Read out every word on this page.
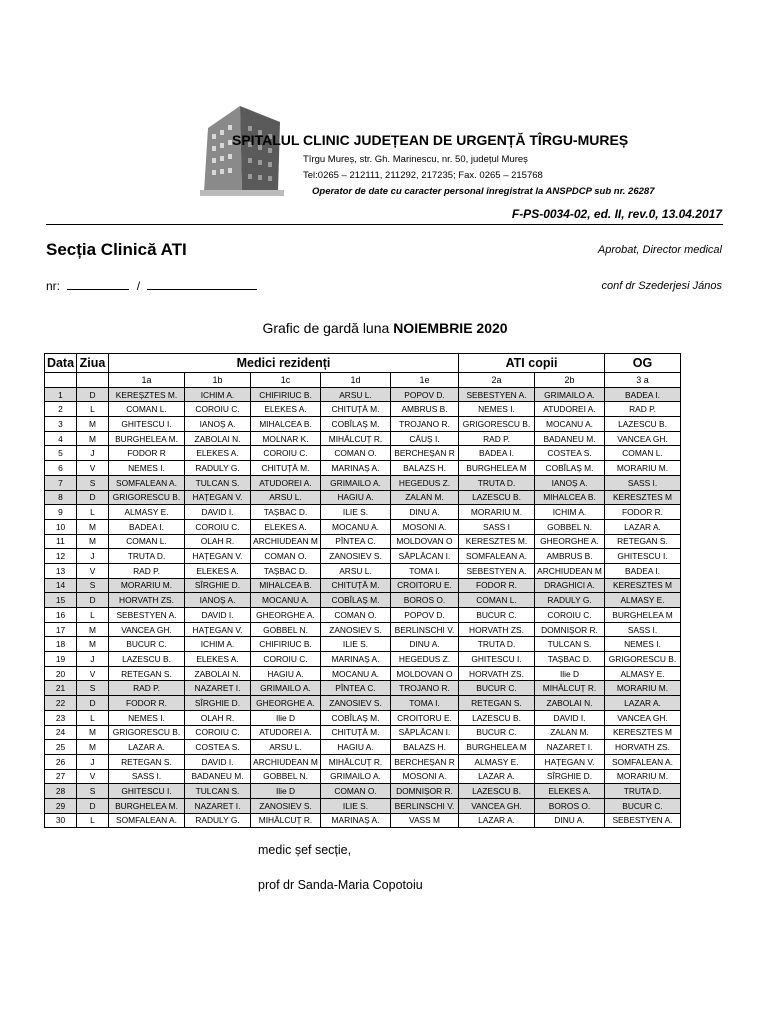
SPITALUL CLINIC JUDEȚEAN DE URGENȚĂ TÎRGU-MUREȘ
Tîrgu Mureș, str. Gh. Marinescu, nr. 50, județul Mureș
Tel:0265 – 212111, 211292, 217235; Fax. 0265 – 215768
Operator de date cu caracter personal înregistrat la ANSPDCP sub nr. 26287
F-PS-0034-02, ed. II, rev.0, 13.04.2017
Secția Clinică ATI	Aprobat, Director medical
nr:	/	conf dr Szederjesi János
Grafic de gardă luna NOIEMBRIE 2020
Data	Ziua	Medici rezidenți					ATI copii		OG
		1a	1b	1c	1d	1e	2a	2b	3 a
1	D	KEREȘZTES M.	ICHIM A.	CHIFIRIUC B.	ARSU L.	POPOV D.	SEBESTYEN A.	GRIMAILO A.	BADEA I.
2	L	COMAN L.	COROIU C.	ELEKES A.	CHITUȚĂ M.	AMBRUS B.	NEMES I.	ATUDOREI A.	RAD P.
3	M	GHITESCU I.	IANOȘ A.	MIHALCEA B.	COBÎLAȘ M.	TROJANO R.	GRIGORESCU B.	MOCANU A.	LAZESCU B.
4	M	BURGHELEA M.	ZABOLAI N.	MOLNAR K.	MIHĂLCUȚ R.	CĂUȘ I.	RAD P.	BADANEU M.	VANCEA GH.
5	J	FODOR R	ELEKES A.	COROIU C.	COMAN O.	BERCHEȘAN R	BADEA I.	COSTEA S.	COMAN L.
6	V	NEMES I.	RADULY G.	CHITUȚĂ M.	MARINAȘ A.	BALAZS H.	BURGHELEA M	COBÎLAȘ M.	MORARIU M.
7	S	SOMFALEAN A.	TULCAN S.	ATUDOREI A.	GRIMAILO A.	HEGEDUS Z.	TRUTA D.	IANOȘ A.	SASS I.
8	D	GRIGORESCU B.	HAȚEGAN V.	ARSU L.	HAGIU A.	ZALAN M.	LAZESCU B.	MIHALCEA B.	KERESZTES M
9	L	ALMASY E.	DAVID I.	TAȘBAC D.	ILIE S.	DINU A.	MORARIU M.	ICHIM A.	FODOR R.
10	M	BADEA I.	COROIU C.	ELEKES A.	MOCANU A.	MOSONI A.	SASS I	GOBBEL N.	LAZAR A.
11	M	COMAN L.	OLAH R.	ARCHIUDEAN M	PÎNTEA C.	MOLDOVAN O	KERESZTES M.	GHEORGHE A.	RETEGAN S.
12	J	TRUTA D.	HAȚEGAN V.	COMAN O.	ZANOSIEV S.	SĂPLĂCAN I.	SOMFALEAN A.	AMBRUS B.	GHITESCU I.
13	V	RAD P.	ELEKES A.	TAȘBAC D.	ARSU L.	TOMA I.	SEBESTYEN A.	ARCHIUDEAN M	BADEA I.
14	S	MORARIU M.	SÎRGHIE D.	MIHALCEA B.	CHITUȚĂ M.	CROITORU E.	FODOR R.	DRAGHICI A.	KERESZTES M
15	D	HORVATH ZS.	IANOȘ A.	MOCANU A.	COBÎLAȘ M.	BOROS O.	COMAN L.	RADULY G.	ALMASY E.
16	L	SEBESTYEN A.	DAVID I.	GHEORGHE A.	COMAN O.	POPOV D.	BUCUR C.	COROIU C.	BURGHELEA M
17	M	VANCEA GH.	HAȚEGAN V.	GOBBEL N.	ZANOSIEV S.	BERLINSCHI V.	HORVATH ZS.	DOMNIȘOR R.	SASS I.
18	M	BUCUR C.	ICHIM A.	CHIFIRIUC B.	ILIE S.	DINU A.	TRUTA D.	TULCAN S.	NEMES I.
19	J	LAZESCU B.	ELEKES A.	COROIU C.	MARINAȘ A.	HEGEDUS Z.	GHITESCU I.	TAȘBAC D.	GRIGORESCU B.
20	V	RETEGAN S.	ZABOLAI N.	HAGIU A.	MOCANU A.	MOLDOVAN O	HORVATH ZS.	Ilie D	ALMASY E.
21	S	RAD P.	NAZARET I.	GRIMAILO A.	PÎNTEA C.	TROJANO R.	BUCUR C.	MIHĂLCUȚ R.	MORARIU M.
22	D	FODOR R.	SÎRGHIE D.	GHEORGHE A.	ZANOSIEV S.	TOMA I.	RETEGAN S.	ZABOLAI N.	LAZAR A.
23	L	NEMES I.	OLAH R.	Ilie D	COBÎLAȘ M.	CROITORU E.	LAZESCU B.	DAVID I.	VANCEA GH.
24	M	GRIGORESCU B.	COROIU C.	ATUDOREI A.	CHITUȚĂ M.	SĂPLĂCAN I.	BUCUR C.	ZALAN M.	KERESZTES M
25	M	LAZAR A.	COSTEA S.	ARSU L.	HAGIU A.	BALAZS H.	BURGHELEA M	NAZARET I.	HORVATH ZS.
26	J	RETEGAN S.	DAVID I.	ARCHIUDEAN M	MIHĂLCUȚ R.	BERCHEȘAN R	ALMASY E.	HAȚEGAN V.	SOMFALEAN A.
27	V	SASS I.	BADANEU M.	GOBBEL N.	GRIMAILO A.	MOSONI A.	LAZAR A.	SÎRGHIE D.	MORARIU M.
28	S	GHITESCU I.	TULCAN S.	Ilie D	COMAN O.	DOMNIȘOR R.	LAZESCU B.	ELEKES A.	TRUTA D.
29	D	BURGHELEA M.	NAZARET I.	ZANOSIEV S.	ILIE S.	BERLINSCHI V.	VANCEA GH.	BOROS O.	BUCUR C.
30	L	SOMFALEAN A.	RADULY G.	MIHĂLCUȚ R.	MARINAȘ A.	VASS M	LAZAR A.	DINU A.	SEBESTYEN A.
medic șef secție,
prof dr Sanda-Maria Copotoiu
